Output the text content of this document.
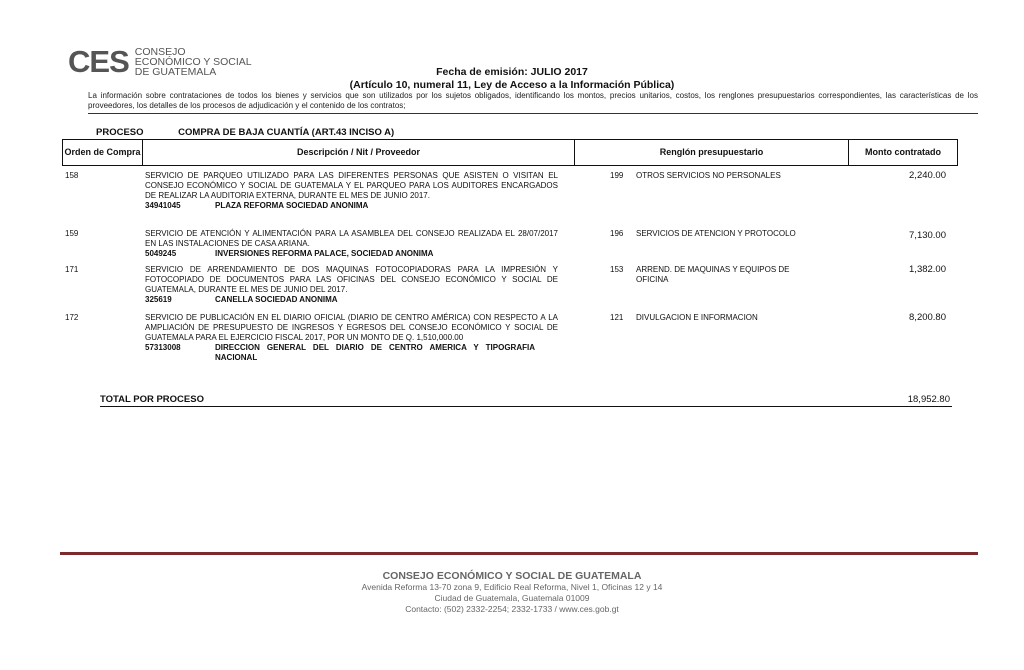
CES CONSEJO
ECONÓMICO Y SOCIAL
DE GUATEMALA	Fecha de emisión: JULIO 2017
(Artículo 10, numeral 11, Ley de Acceso a la Información Pública)
La información sobre contrataciones de todos los bienes y servicios que son utilizados por los sujetos obligados, identificando los montos, precios unitarios, costos, los renglones presupuestarios correspondientes, las características de los proveedores, los detalles de los procesos de adjudicación y el contenido de los contratos;
PROCESO	COMPRA DE BAJA CUANTÍA (ART.43 INCISO A)
Orden de Compra	Descripción / Nit / Proveedor	Renglón presupuestario	Monto contratado
158	SERVICIO DE PARQUEO UTILIZADO PARA LAS DIFERENTES PERSONAS QUE ASISTEN O VISITAN EL CONSEJO ECONÓMICO Y SOCIAL DE GUATEMALA Y EL PARQUEO PARA LOS AUDITORES ENCARGADOS DE REALIZAR LA AUDITORIA EXTERNA, DURANTE EL MES DE JUNIO 2017.
34941045	PLAZA REFORMA SOCIEDAD ANONIMA
199 OTROS SERVICIOS NO PERSONALES	2,240.00
159	SERVICIO DE ATENCIÓN Y ALIMENTACIÓN PARA LA ASAMBLEA DEL CONSEJO REALIZADA EL 28/07/2017 EN LAS INSTALACIONES DE CASA ARIANA.
5049245	INVERSIONES REFORMA PALACE, SOCIEDAD ANONIMA
196 SERVICIOS DE ATENCION Y PROTOCOLO	7,130.00
171	SERVICIO DE ARRENDAMIENTO DE DOS MAQUINAS FOTOCOPIADORAS PARA LA IMPRESIÓN Y FOTOCOPIADO DE DOCUMENTOS PARA LAS OFICINAS DEL CONSEJO ECONÓMICO Y SOCIAL DE GUATEMALA, DURANTE EL MES DE JUNIO DEL 2017.
325619	CANELLA SOCIEDAD ANONIMA
153 ARREND. DE MAQUINAS Y EQUIPOS DE OFICINA
1,382.00
172	SERVICIO DE PUBLICACIÓN EN EL DIARIO OFICIAL (DIARIO DE CENTRO AMÉRICA) CON RESPECTO A LA AMPLIACIÓN DE PRESUPUESTO DE INGRESOS Y EGRESOS DEL CONSEJO ECONÓMICO Y SOCIAL DE GUATEMALA PARA EL EJERCICIO FISCAL 2017, POR UN MONTO DE Q. 1,510,000.00
57313008	DIRECCION GENERAL DEL DIARIO DE CENTRO AMERICA Y TIPOGRAFIA NACIONAL
121 DIVULGACION E INFORMACION	8,200.80
TOTAL POR PROCESO	18,952.80
CONSEJO ECONÓMICO Y SOCIAL DE GUATEMALA
Avenida Reforma 13-70 zona 9, Edificio Real Reforma, Nivel 1, Oficinas 12 y 14
Ciudad de Guatemala, Guatemala 01009
Contacto: (502) 2332-2254; 2332-1733 / www.ces.gob.gt
